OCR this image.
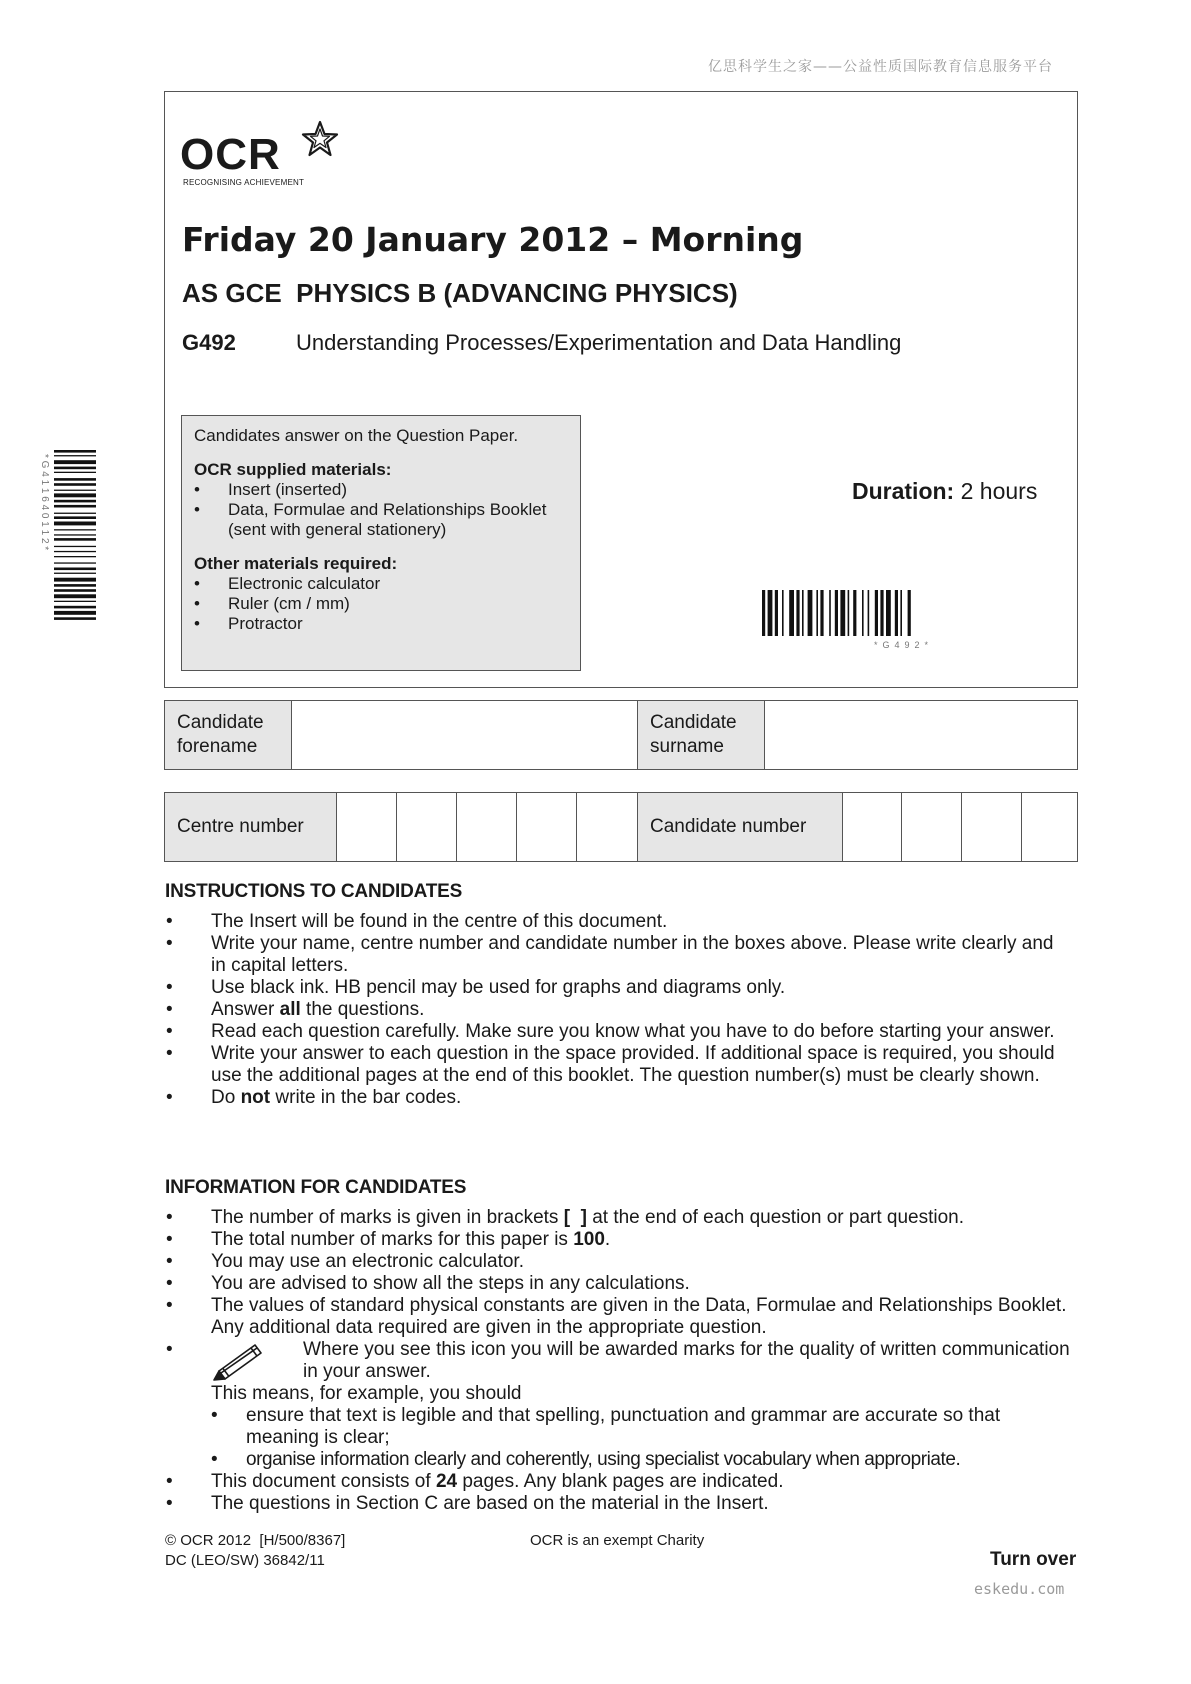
亿思科学生之家——公益性质国际教育信息服务平台
OCR
RECOGNISING ACHIEVEMENT
Friday 20 January 2012 – Morning
AS GCE  PHYSICS B (ADVANCING PHYSICS)
G492	Understanding Processes/Experimentation and Data Handling
Candidates answer on the Question Paper.
OCR supplied materials:
• Insert (inserted)
• Data, Formulae and Relationships Booklet (sent with general stationery)
Other materials required:
• Electronic calculator
• Ruler (cm / mm)
• Protractor
Duration: 2 hours
*  G  4  9  2  *
* G 4 1 1 6 4 0 1 1 2 *
Candidate forename
Candidate surname
Centre number	Candidate number
INSTRUCTIONS TO CANDIDATES
• The Insert will be found in the centre of this document.
• Write your name, centre number and candidate number in the boxes above. Please write clearly and in capital letters.
• Use black ink. HB pencil may be used for graphs and diagrams only.
• Answer all the questions.
• Read each question carefully. Make sure you know what you have to do before starting your answer.
• Write your answer to each question in the space provided. If additional space is required, you should use the additional pages at the end of this booklet. The question number(s) must be clearly shown.
• Do not write in the bar codes.
INFORMATION FOR CANDIDATES
• The number of marks is given in brackets [  ] at the end of each question or part question.
• The total number of marks for this paper is 100.
• You may use an electronic calculator.
• You are advised to show all the steps in any calculations.
• The values of standard physical constants are given in the Data, Formulae and Relationships Booklet. Any additional data required are given in the appropriate question.
• Where you see this icon you will be awarded marks for the quality of written communication in your answer.
This means, for example, you should
• ensure that text is legible and that spelling, punctuation and grammar are accurate so that meaning is clear;
• organise information clearly and coherently, using specialist vocabulary when appropriate.
• This document consists of 24 pages. Any blank pages are indicated.
• The questions in Section C are based on the material in the Insert.
© OCR 2012  [H/500/8367]
DC (LEO/SW) 36842/11
OCR is an exempt Charity
Turn over
eskedu.com
